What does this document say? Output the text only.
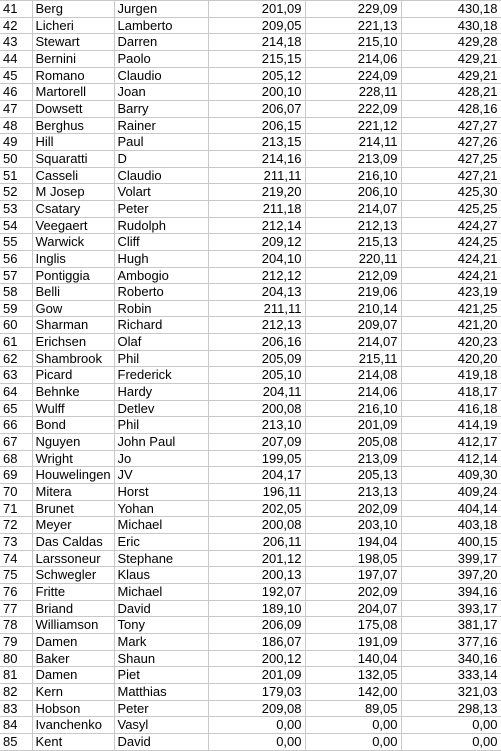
41	Berg	Jurgen	201,09	229,09	430,18
42	Licheri	Lamberto	209,05	221,13	430,18
43	Stewart	Darren	214,18	215,10	429,28
44	Bernini	Paolo	215,15	214,06	429,21
45	Romano	Claudio	205,12	224,09	429,21
46	Martorell	Joan	200,10	228,11	428,21
47	Dowsett	Barry	206,07	222,09	428,16
48	Berghus	Rainer	206,15	221,12	427,27
49	Hill	Paul	213,15	214,11	427,26
50	Squaratti	D	214,16	213,09	427,25
51	Casseli	Claudio	211,11	216,10	427,21
52	M Josep	Volart	219,20	206,10	425,30
53	Csatary	Peter	211,18	214,07	425,25
54	Veegaert	Rudolph	212,14	212,13	424,27
55	Warwick	Cliff	209,12	215,13	424,25
56	Inglis	Hugh	204,10	220,11	424,21
57	Pontiggia	Ambogio	212,12	212,09	424,21
58	Belli	Roberto	204,13	219,06	423,19
59	Gow	Robin	211,11	210,14	421,25
60	Sharman	Richard	212,13	209,07	421,20
61	Erichsen	Olaf	206,16	214,07	420,23
62	Shambrook	Phil	205,09	215,11	420,20
63	Picard	Frederick	205,10	214,08	419,18
64	Behnke	Hardy	204,11	214,06	418,17
65	Wulff	Detlev	200,08	216,10	416,18
66	Bond	Phil	213,10	201,09	414,19
67	Nguyen	John Paul	207,09	205,08	412,17
68	Wright	Jo	199,05	213,09	412,14
69	Houwelingen	JV	204,17	205,13	409,30
70	Mitera	Horst	196,11	213,13	409,24
71	Brunet	Yohan	202,05	202,09	404,14
72	Meyer	Michael	200,08	203,10	403,18
73	Das Caldas	Eric	206,11	194,04	400,15
74	Larssoneur	Stephane	201,12	198,05	399,17
75	Schwegler	Klaus	200,13	197,07	397,20
76	Fritte	Michael	192,07	202,09	394,16
77	Briand	David	189,10	204,07	393,17
78	Williamson	Tony	206,09	175,08	381,17
79	Damen	Mark	186,07	191,09	377,16
80	Baker	Shaun	200,12	140,04	340,16
81	Damen	Piet	201,09	132,05	333,14
82	Kern	Matthias	179,03	142,00	321,03
83	Hobson	Peter	209,08	89,05	298,13
84	Ivanchenko	Vasyl	0,00	0,00	0,00
85	Kent	David	0,00	0,00	0,00
